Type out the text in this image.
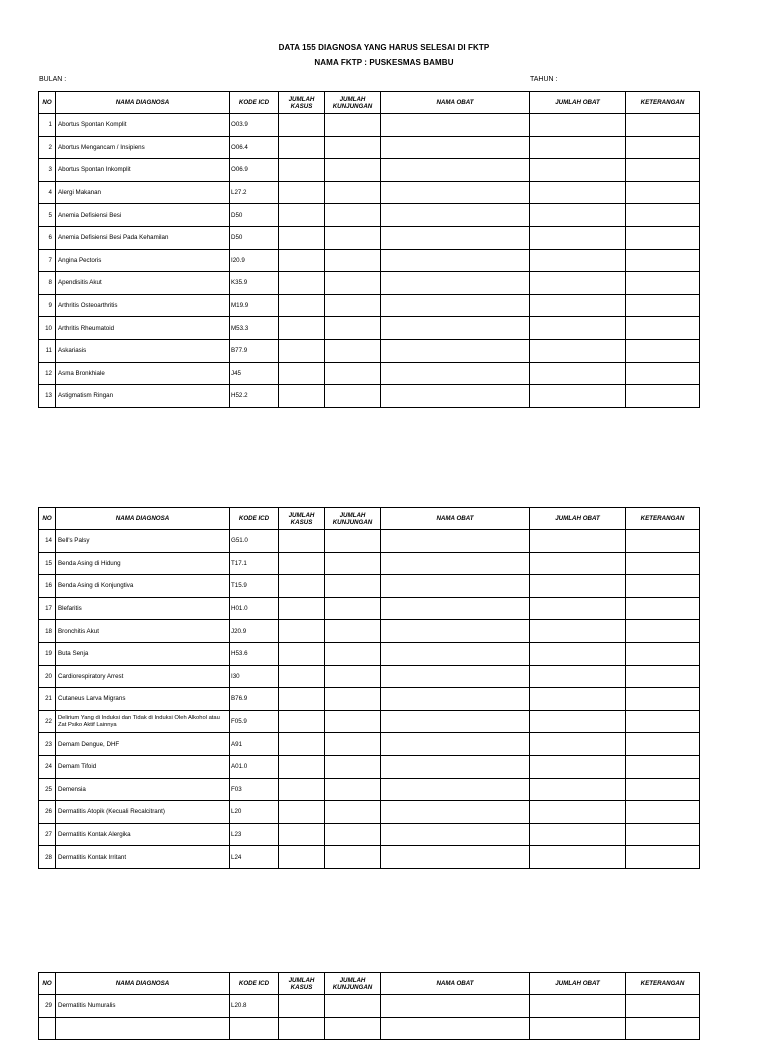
DATA 155 DIAGNOSA YANG HARUS SELESAI DI FKTP
NAMA FKTP : PUSKESMAS BAMBU
BULAN :	TAHUN :
NO	NAMA DIAGNOSA	KODE ICD	JUMLAH KASUS	JUMLAH KUNJUNGAN	NAMA OBAT	JUMLAH OBAT	KETERANGAN
1	Abortus Spontan Komplit	O03.9					
2	Abortus Mengancam / Insipiens	O06.4					
3	Abortus Spontan Inkomplit	O06.9					
4	Alergi Makanan	L27.2					
5	Anemia Defisiensi Besi	D50					
6	Anemia Defisiensi Besi Pada Kehamilan	D50					
7	Angina Pectoris	I20.9					
8	Apendisitis Akut	K35.9					
9	Arthritis Osteoarthritis	M19.9					
10	Arthritis Rheumatoid	M53.3					
11	Askariasis	B77.9					
12	Asma Bronkhiale	J45					
13	Astigmatism Ringan	H52.2					
NO	NAMA DIAGNOSA	KODE ICD	JUMLAH KASUS	JUMLAH KUNJUNGAN	NAMA OBAT	JUMLAH OBAT	KETERANGAN
14	Bell's Palsy	G51.0					
15	Benda Asing di Hidung	T17.1					
16	Benda Asing di Konjungtiva	T15.9					
17	Blefaritis	H01.0					
18	Bronchitis Akut	J20.9					
19	Buta Senja	H53.6					
20	Cardiorespiratory Arrest	I30					
21	Cutaneus Larva Migrans	B76.9					
22	Delirium Yang di Induksi dan Tidak di Induksi Oleh Alkohol atau Zat Psiko Aktif Lainnya	F05.9					
23	Demam Dengue, DHF	A91					
24	Demam Tifoid	A01.0					
25	Demensia	F03					
26	Dermatitis Atopik (Kecuali Recalcitrant)	L20					
27	Dermatitis Kontak Alergika	L23					
28	Dermatitis Kontak Irritant	L24					
NO	NAMA DIAGNOSA	KODE ICD	JUMLAH KASUS	JUMLAH KUNJUNGAN	NAMA OBAT	JUMLAH OBAT	KETERANGAN
29	Dermatitis Numuralis	L20.8					
